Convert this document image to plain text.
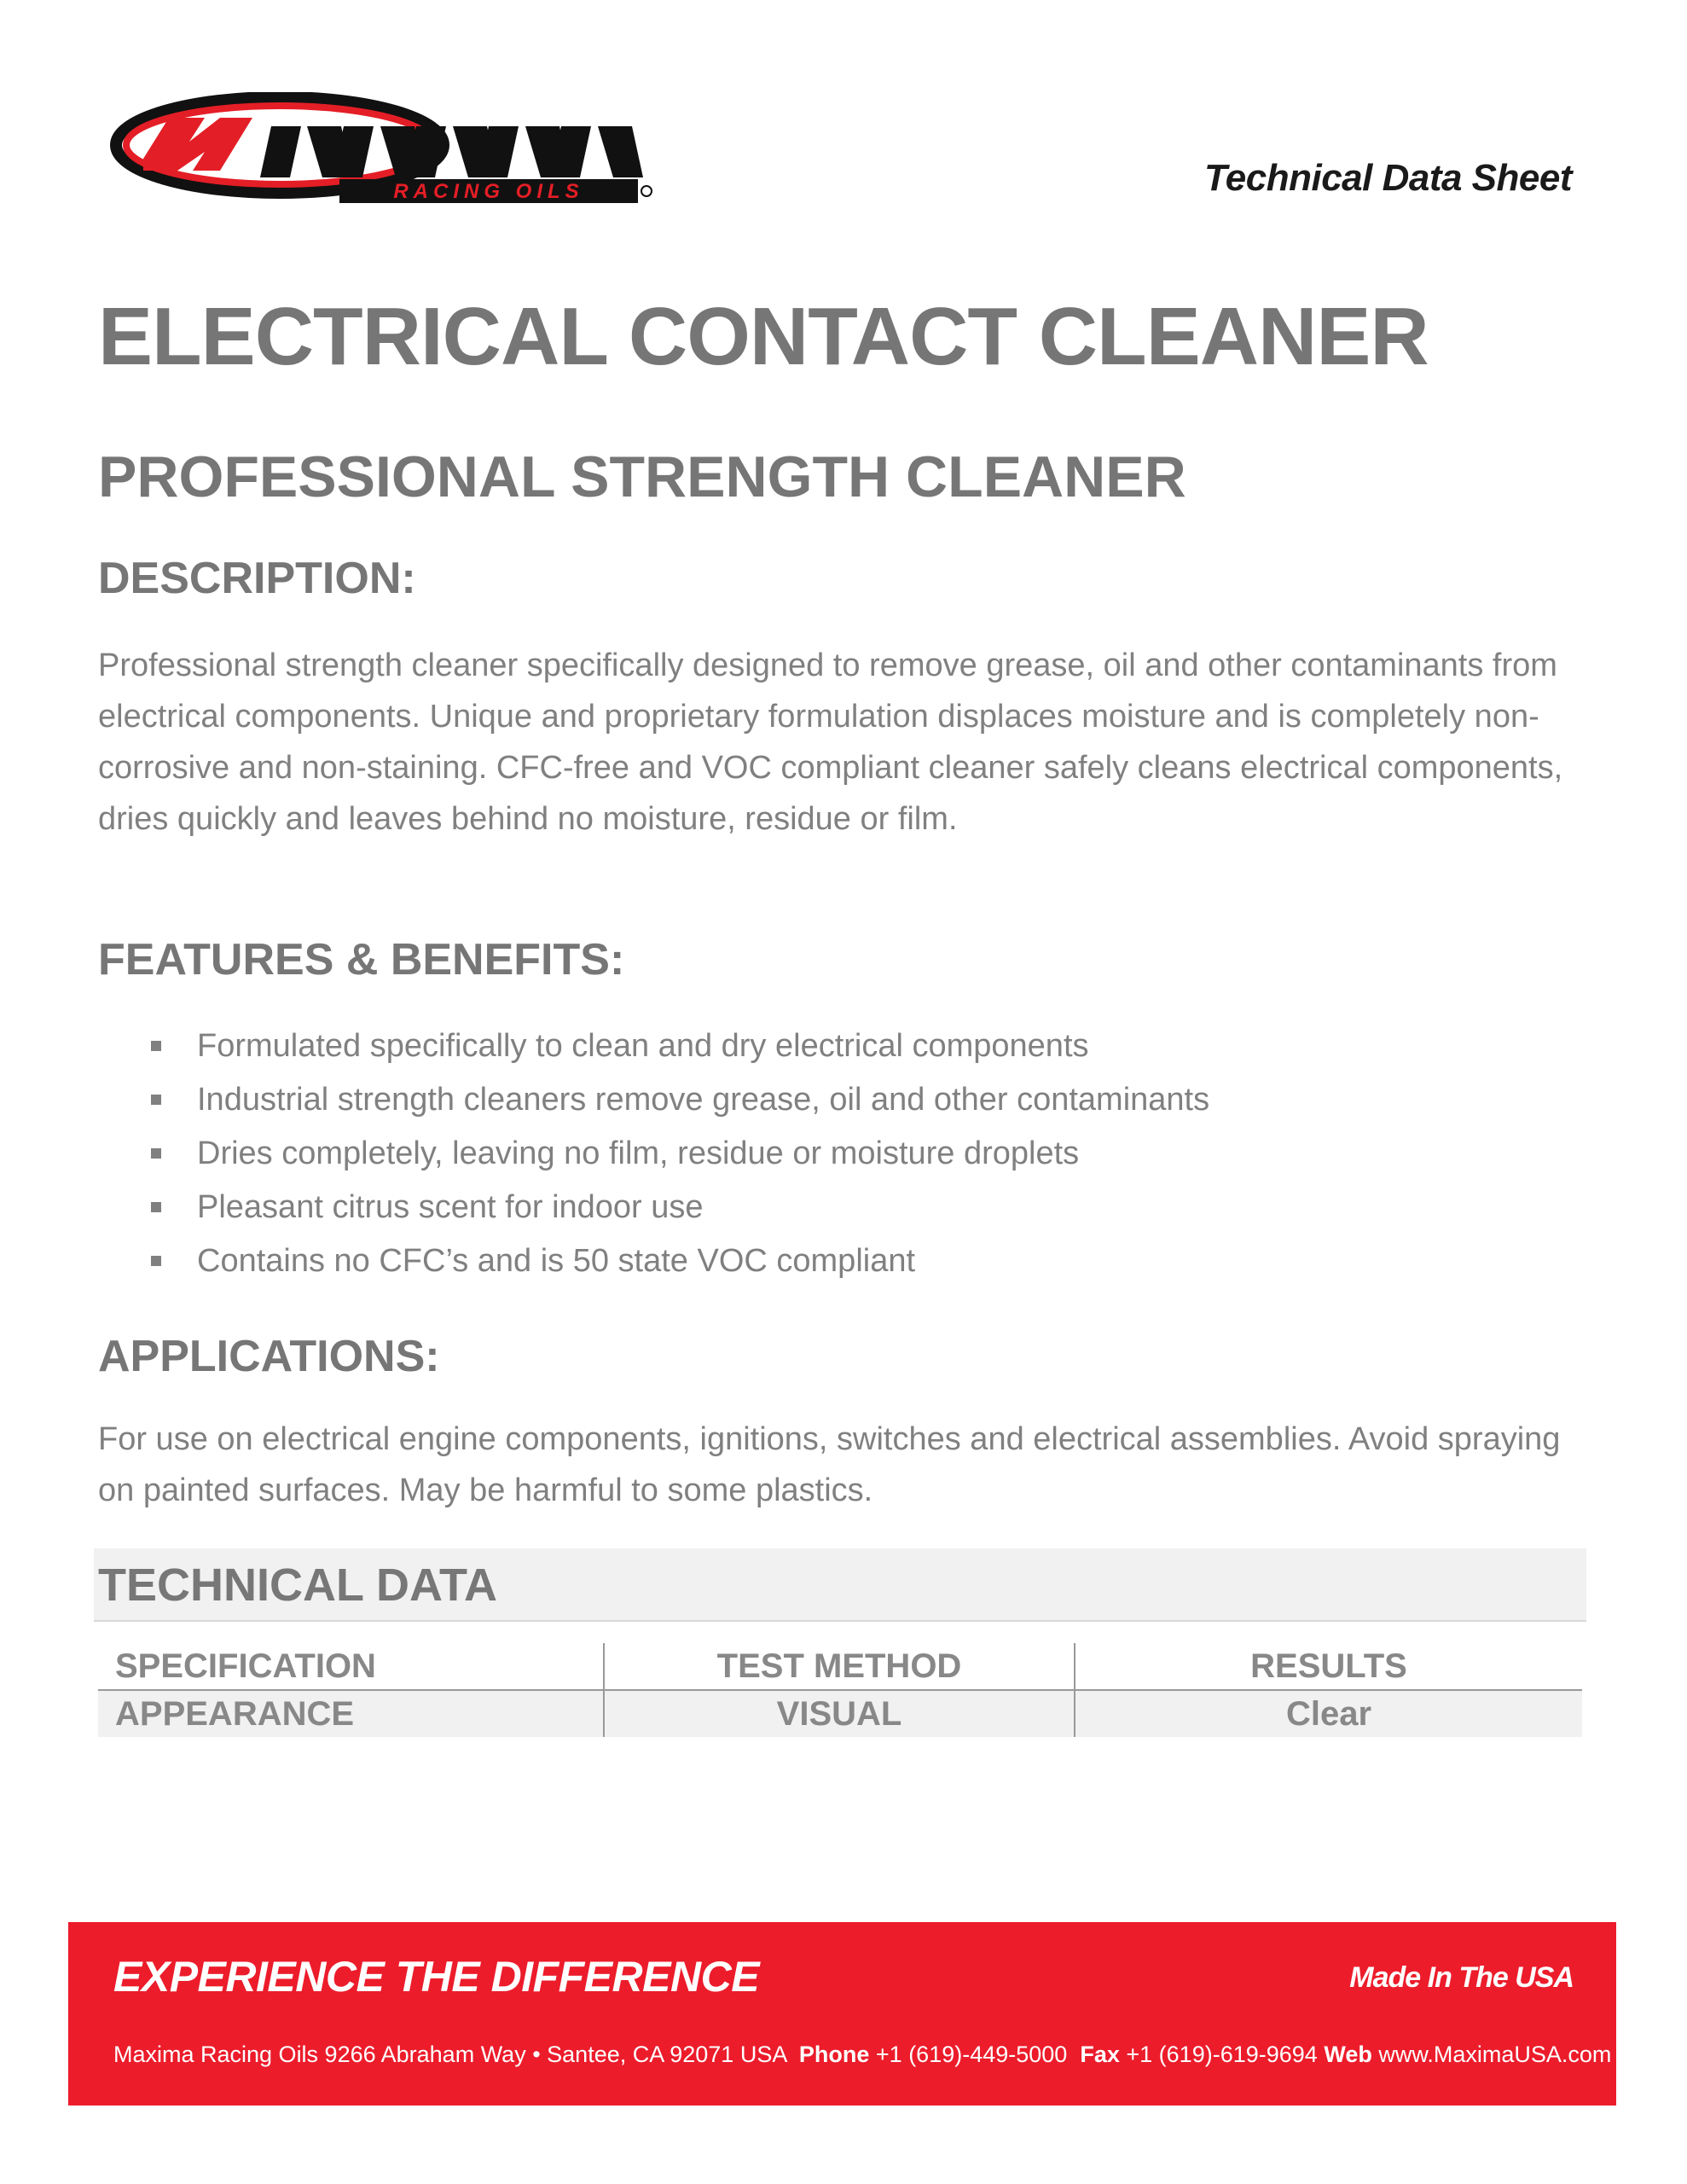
RACING OILS	Technical Data Sheet
ELECTRICAL CONTACT CLEANER
PROFESSIONAL STRENGTH CLEANER
DESCRIPTION:
Professional strength cleaner specifically designed to remove grease, oil and other contaminants from electrical components. Unique and proprietary formulation displaces moisture and is completely non-corrosive and non-staining. CFC-free and VOC compliant cleaner safely cleans electrical components, dries quickly and leaves behind no moisture, residue or film.
FEATURES & BENEFITS:
Formulated specifically to clean and dry electrical components
Industrial strength cleaners remove grease, oil and other contaminants
Dries completely, leaving no film, residue or moisture droplets
Pleasant citrus scent for indoor use
Contains no CFC’s and is 50 state VOC compliant
APPLICATIONS:
For use on electrical engine components, ignitions, switches and electrical assemblies. Avoid spraying on painted surfaces. May be harmful to some plastics.
TECHNICAL DATA
SPECIFICATION	TEST METHOD	RESULTS
APPEARANCE	VISUAL	Clear
EXPERIENCE THE DIFFERENCE	Made In The USA
Maxima Racing Oils 9266 Abraham Way • Santee, CA 92071 USA Phone +1 (619)-449-5000 Fax +1 (619)-619-9694 Web www.MaximaUSA.com
